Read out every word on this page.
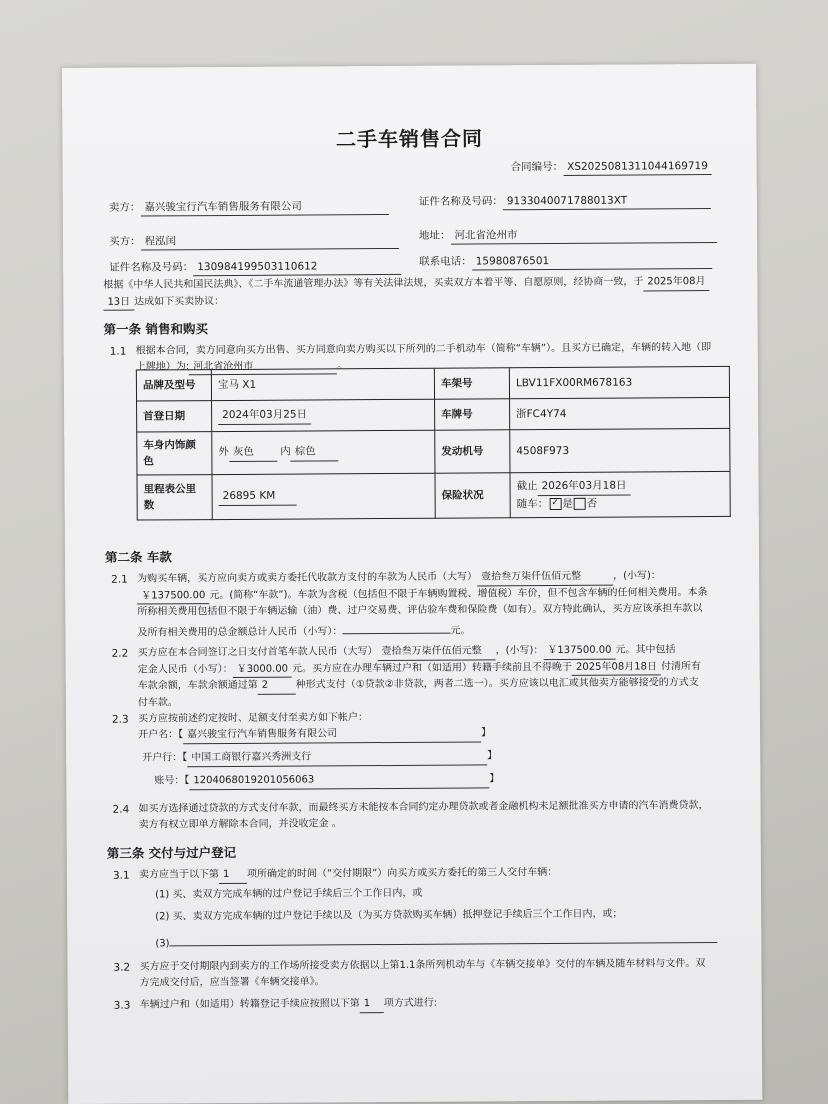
二手车销售合同
合同编号： XS2025081311044169719
卖方： 嘉兴骏宝行汽车销售服务有限公司	证件名称及号码： 9133040071788013XT
买方： 程泓闰	地址： 河北省沧州市
证件名称及号码： 130984199503110612	联系电话： 15980876501
根据《中华人民共和国民法典》、《二手车流通管理办法》等有关法律法规，买卖双方本着平等、自愿原则，经协商一致，于 2025年08月
13日 达成如下买卖协议：
第一条 销售和购买
1.1 根据本合同，卖方同意向买方出售、买方同意向卖方购买以下所列的二手机动车（简称“车辆”）。且买方已确定，车辆的转入地（即
上牌地）为: 河北省沧州市	。
品牌及型号	宝马 X1	车架号	LBV11FX00RM678163
首登日期	2024年03月25日	车牌号	浙FC4Y74
车身内饰颜色	外 灰色 内 棕色	发动机号	4508F973
里程表公里数	26895 KM	保险状况	截止 2026年03月18日
随车： ✓ 是 否
第二条 车款
2.1 为购买车辆，买方应向卖方或卖方委托代收款方支付的车款为人民币（大写） 壹拾叁万柒仟伍佰元整	，(小写)：
￥137500.00 元。(简称“车款”)。车款为含税（包括但不限于车辆购置税、增值税）车价，但不包含车辆的任何相关费用。本条
所称相关费用包括但不限于车辆运输（油）费、过户交易费、评估验车费和保险费（如有）。双方特此确认，买方应该承担车款以
及所有相关费用的总金额总计人民币（小写）：	元。
2.2 买方应在本合同签订之日支付首笔车款人民币（大写） 壹拾叁万柒仟伍佰元整 ，(小写)： ￥137500.00 元。其中包括
定金人民币（小写）： ￥3000.00 元。买方应在办理车辆过户和（如适用）转籍手续前且不得晚于 2025年08月18日 付清所有
车款余额，车款余额通过第 2	种形式支付（①贷款②非贷款，两者二选一）。买方应该以电汇或其他卖方能够接受的方式支
付车款。
2.3 买方应按前述约定按时、足额支付至卖方如下帐户：
开户名：【 嘉兴骏宝行汽车销售服务有限公司	】
开户行：【 中国工商银行嘉兴秀洲支行	】
账号：【 1204068019201056063	】
2.4 如买方选择通过贷款的方式支付车款，而最终买方未能按本合同约定办理贷款或者金融机构未足额批准买方申请的汽车消费贷款，
卖方有权立即单方解除本合同，并没收定金 。
第三条 交付与过户登记
3.1 卖方应当于以下第 1 项所确定的时间（“交付期限”）向买方或买方委托的第三人交付车辆：
(1) 买、卖双方完成车辆的过户登记手续后三个工作日内，或
(2) 买、卖双方完成车辆的过户登记手续以及（为买方贷款购买车辆）抵押登记手续后三个工作日内，或；
(3)
3.2 买方应于交付期限内到卖方的工作场所接受卖方依据以上第1.1条所列机动车与《车辆交接单》交付的车辆及随车材料与文件。双
方完成交付后，应当签署《车辆交接单》。
3.3 车辆过户和（如适用）转籍登记手续应按照以下第 1 项方式进行:
